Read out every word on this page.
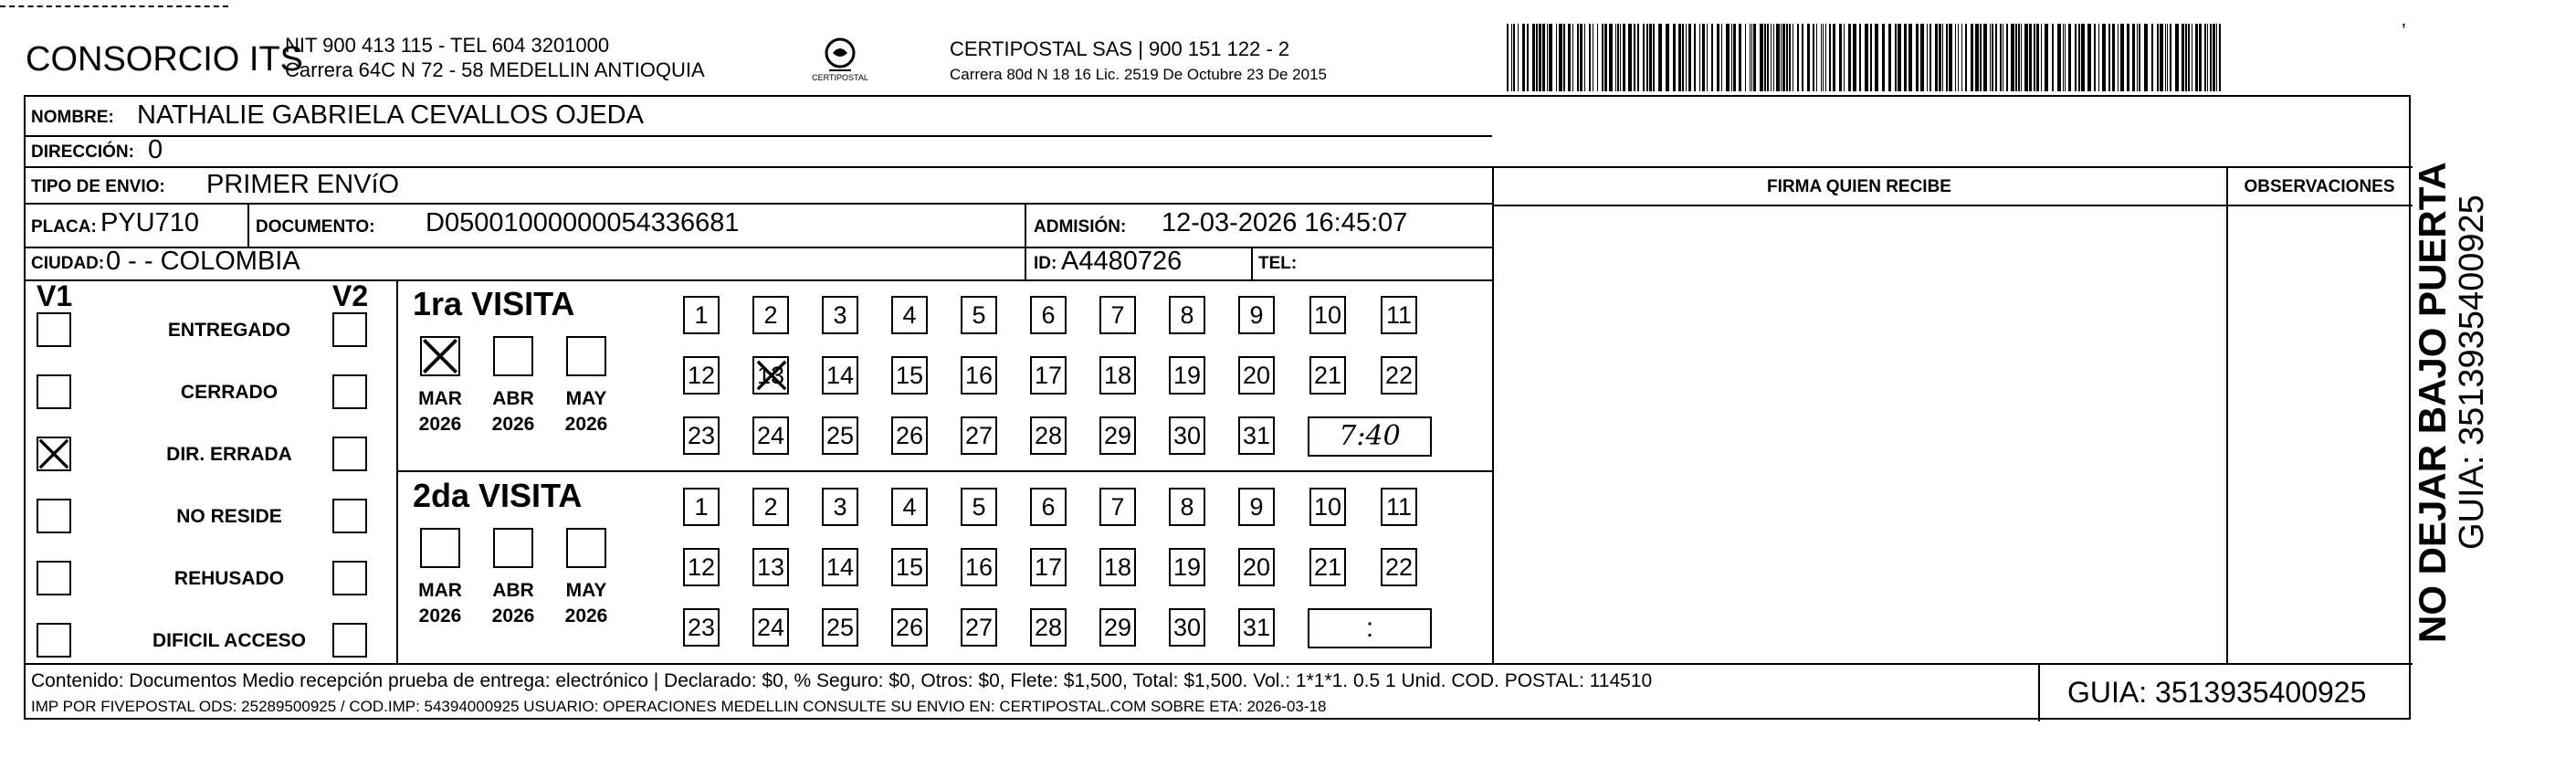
CONSORCIO ITS
NIT 900 413 115 - TEL 604 3201000
Carrera 64C N 72 - 58 MEDELLIN ANTIOQUIA	CERTIPOSTAL
CERTIPOSTAL SAS | 900 151 122 - 2
Carrera 80d N 18 16 Lic. 2519 De Octubre 23 De 2015
ʼ
NOMBRE: NATHALIE GABRIELA CEVALLOS OJEDA
DIRECCIÓN: 0
TIPO DE ENVIO: PRIMER ENVíO	FIRMA QUIEN RECIBE	OBSERVACIONES
PLACA: PYU710	DOCUMENTO: D05001000000054336681	ADMISIÓN: 12-03-2026 16:45:07
CIUDAD: 0 - - COLOMBIA	ID: A4480726	TEL:
V1	V2 1ra VISITA
2da VISITA
Contenido: Documentos Medio recepción prueba de entrega: electrónico | Declarado: $0, % Seguro: $0, Otros: $0, Flete: $1,500, Total: $1,500. Vol.: 1*1*1. 0.5 1 Unid. COD. POSTAL: 114510
IMP POR FIVEPOSTAL ODS: 25289500925 / COD.IMP: 54394000925 USUARIO: OPERACIONES MEDELLIN CONSULTE SU ENVIO EN: CERTIPOSTAL.COM SOBRE ETA: 2026-03-18	GUIA: 3513935400925
ENTREGADO
CERRADO
DIR. ERRADA
NO RESIDE
REHUSADO
DIFICIL ACCESO
1	2	3	4	5	6	7	8	9	10 11
12 13 14 15 16 17 18 19 20 21 22
23 24 25 26 27 28 29 30 31	7:40
MAR
2026
ABR
2026
MAY
2026
1	2	3	4	5	6	7	8	9	10 11
12 13 14 15 16 17 18 19 20 21 22
23 24 25 26 27 28 29 30 31	:
MAR
2026
ABR
2026
MAY
2026	NO DEJAR BAJO PUERTA GUIA: 3513935400925
